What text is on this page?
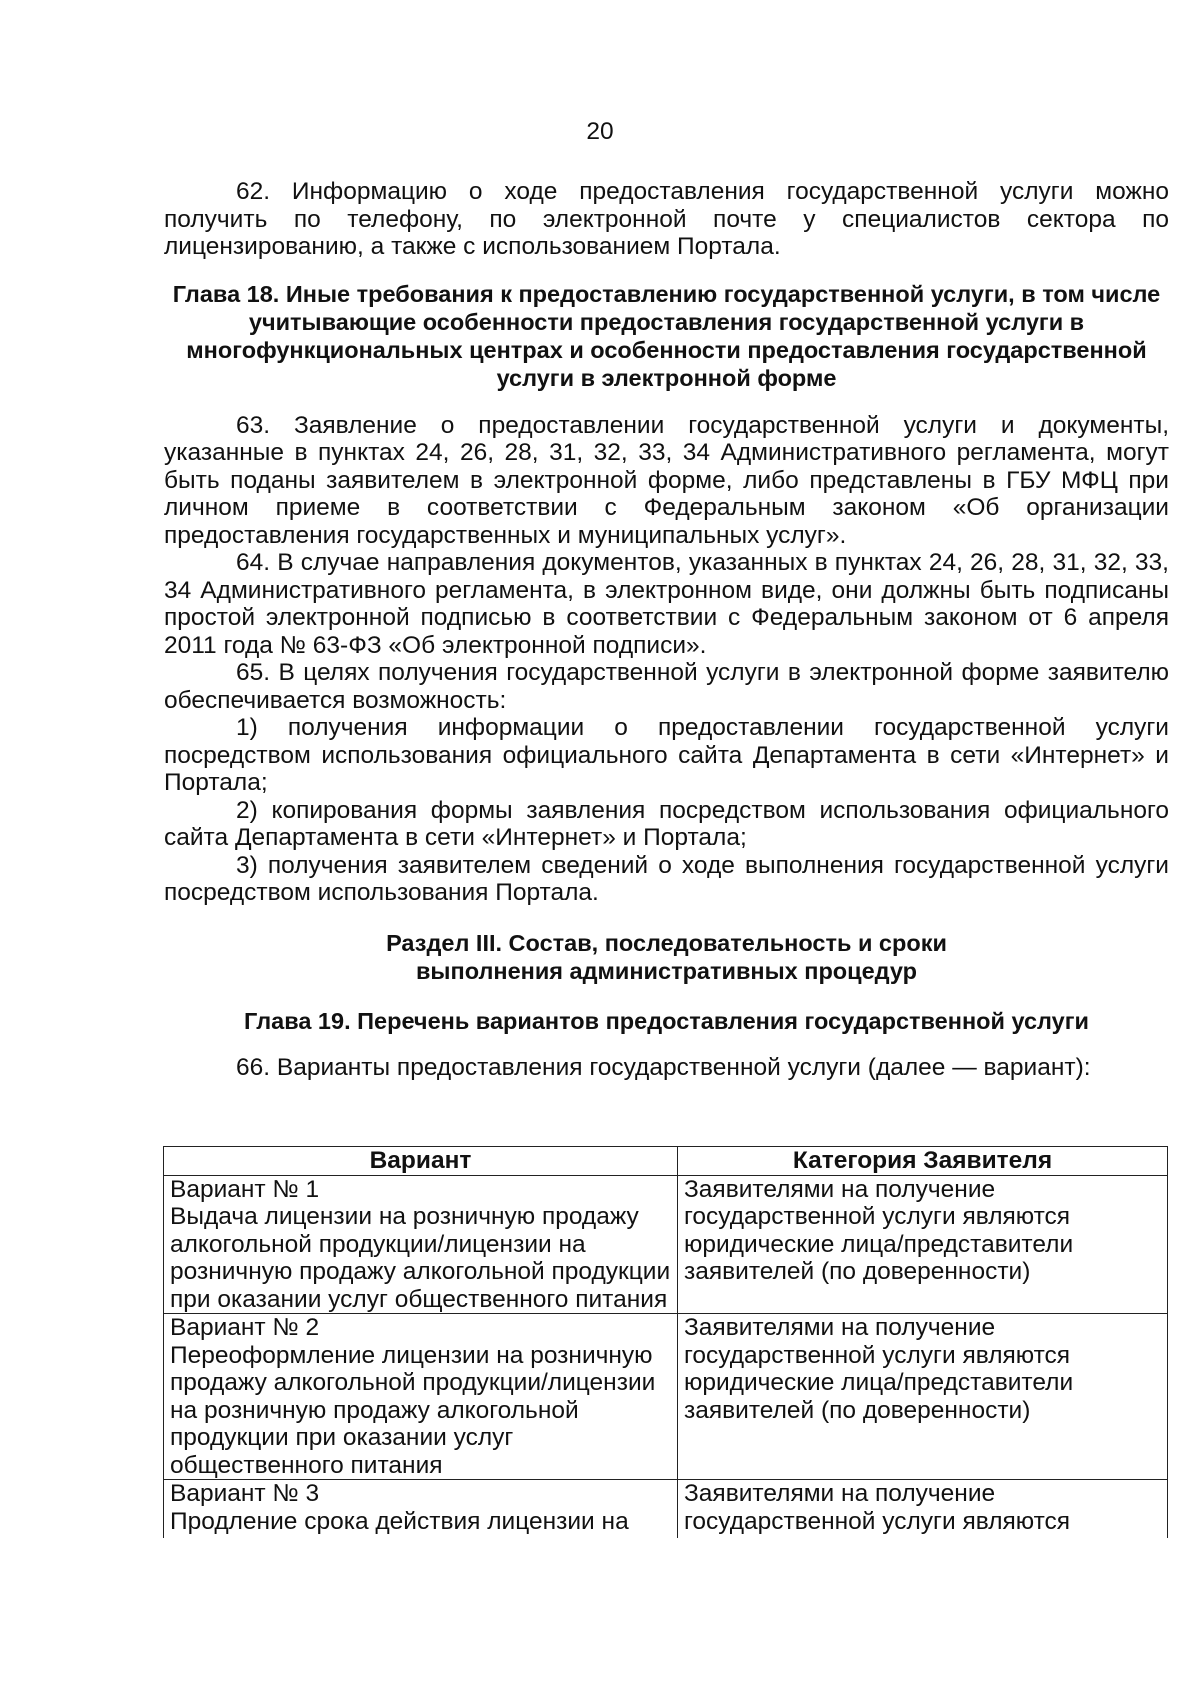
20

62. Информацию о ходе предоставления государственной услуги можно получить по телефону, по электронной почте у специалистов сектора по лицензированию, а также с использованием Портала.

Глава 18. Иные требования к предоставлению государственной услуги, в том числе учитывающие особенности предоставления государственной услуги в многофункциональных центрах и особенности предоставления государственной услуги в электронной форме

63. Заявление о предоставлении государственной услуги и документы, указанные в пунктах 24, 26, 28, 31, 32, 33, 34 Административного регламента, могут быть поданы заявителем в электронной форме, либо представлены в ГБУ МФЦ при личном приеме в соответствии с Федеральным законом «Об организации предоставления государственных и муниципальных услуг».

64. В случае направления документов, указанных в пунктах 24, 26, 28, 31, 32, 33, 34 Административного регламента, в электронном виде, они должны быть подписаны простой электронной подписью в соответствии с Федеральным законом от 6 апреля 2011 года № 63-ФЗ «Об электронной подписи».

65. В целях получения государственной услуги в электронной форме заявителю обеспечивается возможность:

1) получения информации о предоставлении государственной услуги посредством использования официального сайта Департамента в сети «Интернет» и Портала;

2) копирования формы заявления посредством использования официального сайта Департамента в сети «Интернет» и Портала;

3) получения заявителем сведений о ходе выполнения государственной услуги посредством использования Портала.

Раздел III. Состав, последовательность и сроки
выполнения административных процедур
Глава 19. Перечень вариантов предоставления государственной услуги

66. Варианты предоставления государственной услуги (далее — вариант):

Вариант	Категория Заявителя

Вариант № 1
Выдача лицензии на розничную продажу алкогольной продукции/лицензии на розничную продажу алкогольной продукции при оказании услуг общественного питания	Заявителями на получение государственной услуги являются юридические лица/представители заявителей (по доверенности)

Вариант № 2
Переоформление лицензии на розничную продажу алкогольной продукции/лицензии на розничную продажу алкогольной продукции при оказании услуг общественного питания	Заявителями на получение государственной услуги являются юридические лица/представители заявителей (по доверенности)

Вариант № 3
Продление срока действия лицензии на	Заявителями на получение государственной услуги являются
